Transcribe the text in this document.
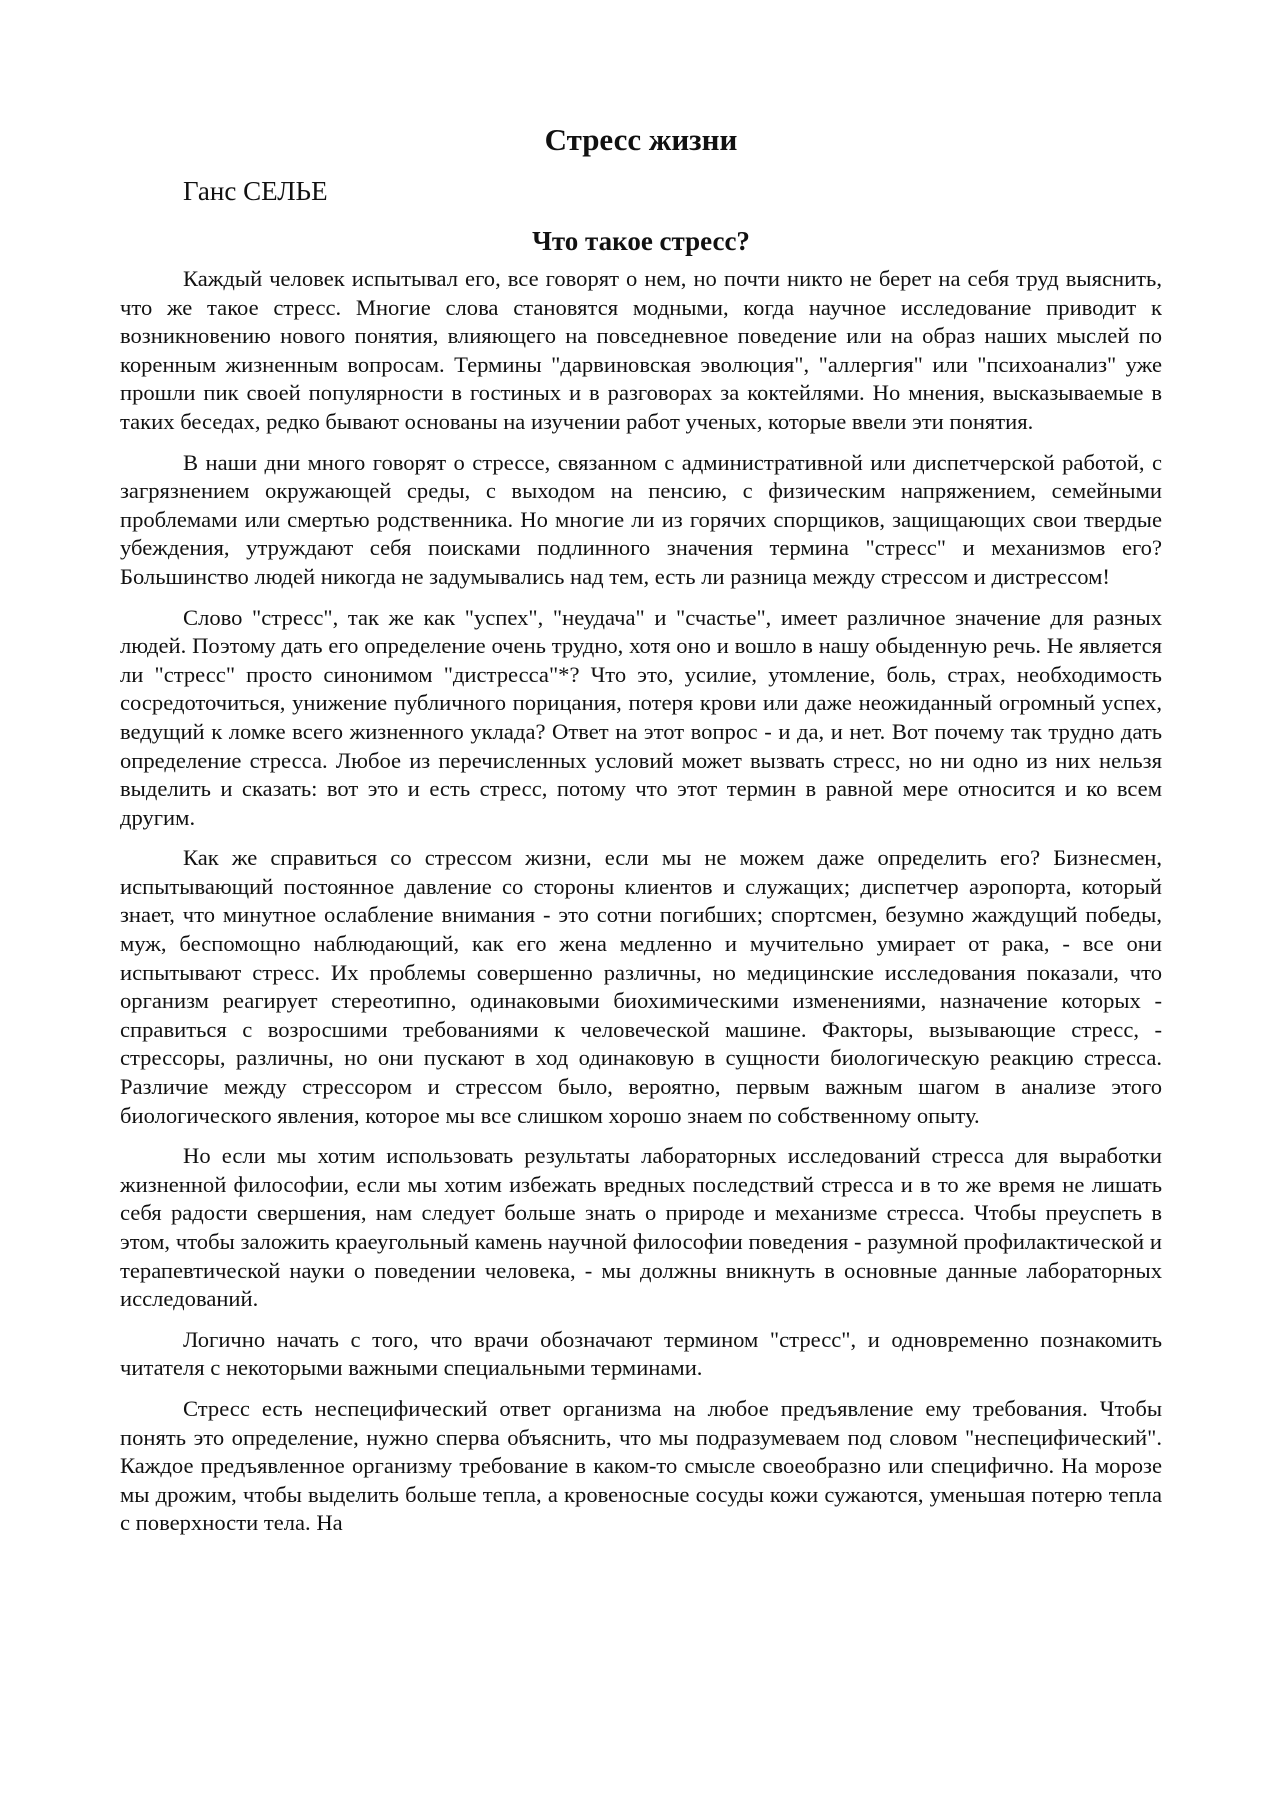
Стресс жизни
Ганс СЕЛЬЕ
Что такое стресс?

Каждый человек испытывал его, все говорят о нем, но почти никто не берет на себя труд выяснить, что же такое стресс. Многие слова становятся модными, когда научное исследование приводит к возникновению нового понятия, влияющего на повседневное поведение или на образ наших мыслей по коренным жизненным вопросам. Термины "дарвиновская эволюция", "аллергия" или "психоанализ" уже прошли пик своей популярности в гостиных и в разговорах за коктейлями. Но мнения, высказываемые в таких беседах, редко бывают основаны на изучении работ ученых, которые ввели эти понятия.

В наши дни много говорят о стрессе, связанном с административной или диспетчерской работой, с загрязнением окружающей среды, с выходом на пенсию, с физическим напряжением, семейными проблемами или смертью родственника. Но многие ли из горячих спорщиков, защищающих свои твердые убеждения, утруждают себя поисками подлинного значения термина "стресс" и механизмов его? Большинство людей никогда не задумывались над тем, есть ли разница между стрессом и дистрессом!

Слово "стресс", так же как "успех", "неудача" и "счастье", имеет различное значение для разных людей. Поэтому дать его определение очень трудно, хотя оно и вошло в нашу обыденную речь. Не является ли "стресс" просто синонимом "дистресса"*? Что это, усилие, утомление, боль, страх, необходимость сосредоточиться, унижение публичного порицания, потеря крови или даже неожиданный огромный успех, ведущий к ломке всего жизненного уклада? Ответ на этот вопрос - и да, и нет. Вот почему так трудно дать определение стресса. Любое из перечисленных условий может вызвать стресс, но ни одно из них нельзя выделить и сказать: вот это и есть стресс, потому что этот термин в равной мере относится и ко всем другим.

Как же справиться со стрессом жизни, если мы не можем даже определить его? Бизнесмен, испытывающий постоянное давление со стороны клиентов и служащих; диспетчер аэропорта, который знает, что минутное ослабление внимания - это сотни погибших; спортсмен, безумно жаждущий победы, муж, беспомощно наблюдающий, как его жена медленно и мучительно умирает от рака, - все они испытывают стресс. Их проблемы совершенно различны, но медицинские исследования показали, что организм реагирует стереотипно, одинаковыми биохимическими изменениями, назначение которых - справиться с возросшими требованиями к человеческой машине. Факторы, вызывающие стресс, - стрессоры, различны, но они пускают в ход одинаковую в сущности биологическую реакцию стресса. Различие между стрессором и стрессом было, вероятно, первым важным шагом в анализе этого биологического явления, которое мы все слишком хорошо знаем по собственному опыту.

Но если мы хотим использовать результаты лабораторных исследований стресса для выработки жизненной философии, если мы хотим избежать вредных последствий стресса и в то же время не лишать себя радости свершения, нам следует больше знать о природе и механизме стресса. Чтобы преуспеть в этом, чтобы заложить краеугольный камень научной философии поведения - разумной профилактической и терапевтической науки о поведении человека, - мы должны вникнуть в основные данные лабораторных исследований.

Логично начать с того, что врачи обозначают термином "стресс", и одновременно познакомить читателя с некоторыми важными специальными терминами.

Стресс есть неспецифический ответ организма на любое предъявление ему требования. Чтобы понять это определение, нужно сперва объяснить, что мы подразумеваем под словом "неспецифический". Каждое предъявленное организму требование в каком-то смысле своеобразно или специфично. На морозе мы дрожим, чтобы выделить больше тепла, а кровеносные сосуды кожи сужаются, уменьшая потерю тепла с поверхности тела. На
